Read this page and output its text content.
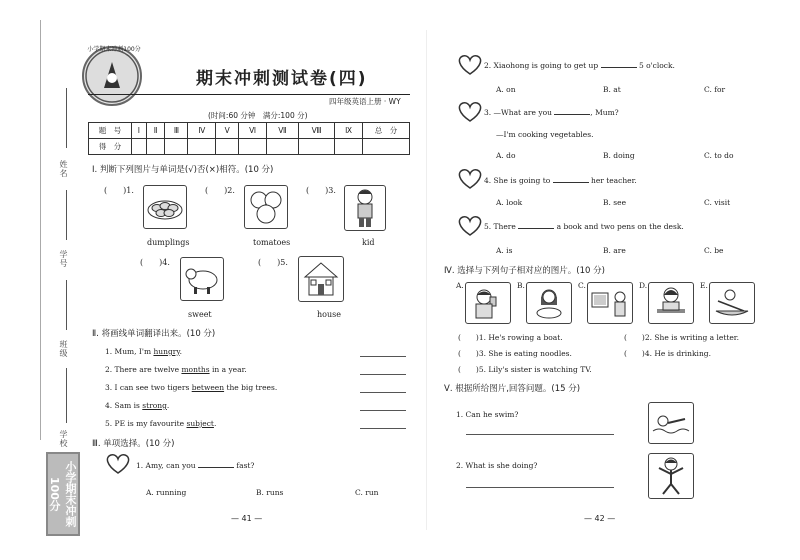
姓名
学号
班级
学校
小学期末冲刺100分
小学期末冲刺100分
期末冲刺测试卷(四)
四年级英语上册 · WY
(时间:60 分钟　满分:100 分)
题　号	Ⅰ	Ⅱ	Ⅲ	Ⅳ	Ⅴ	Ⅵ	Ⅶ	Ⅷ	Ⅸ	总　分
得　分										
Ⅰ. 判断下列图片与单词是(√)否(×)相符。(10 分)
(　　)1.
dumplings
(　　)2.
tomatoes
(　　)3.
kid
(　　)4.
sweet
(　　)5.
house
Ⅱ. 将画线单词翻译出来。(10 分)
1. Mum, I'm hungry.
2. There are twelve months in a year.
3. I can see two tigers between the big trees.
4. Sam is strong.
5. PE is my favourite subject.
Ⅲ. 单项选择。(10 分)
1. Amy, can you	fast?
A. running	B. runs	C. run
— 41 —
2. Xiaohong is going to get up	5 o'clock.
A. on	B. at	C. for
3. —What are you	, Mum?
—I'm cooking vegetables.
A. do	B. doing	C. to do
4. She is going to	her teacher.
A. look	B. see	C. visit
5. There	a book and two pens on the desk.
A. is	B. are	C. be
Ⅳ. 选择与下列句子相对应的图片。(10 分)
A.	B.	C.	D.	E.
(　　)1. He's rowing a boat.	(　　)2. She is writing a letter.
(　　)3. She is eating noodles.	(　　)4. He is drinking.
(　　)5. Lily's sister is watching TV.
Ⅴ. 根据所给图片,回答问题。(15 分)
1. Can he swim?
2. What is she doing?
— 42 —
